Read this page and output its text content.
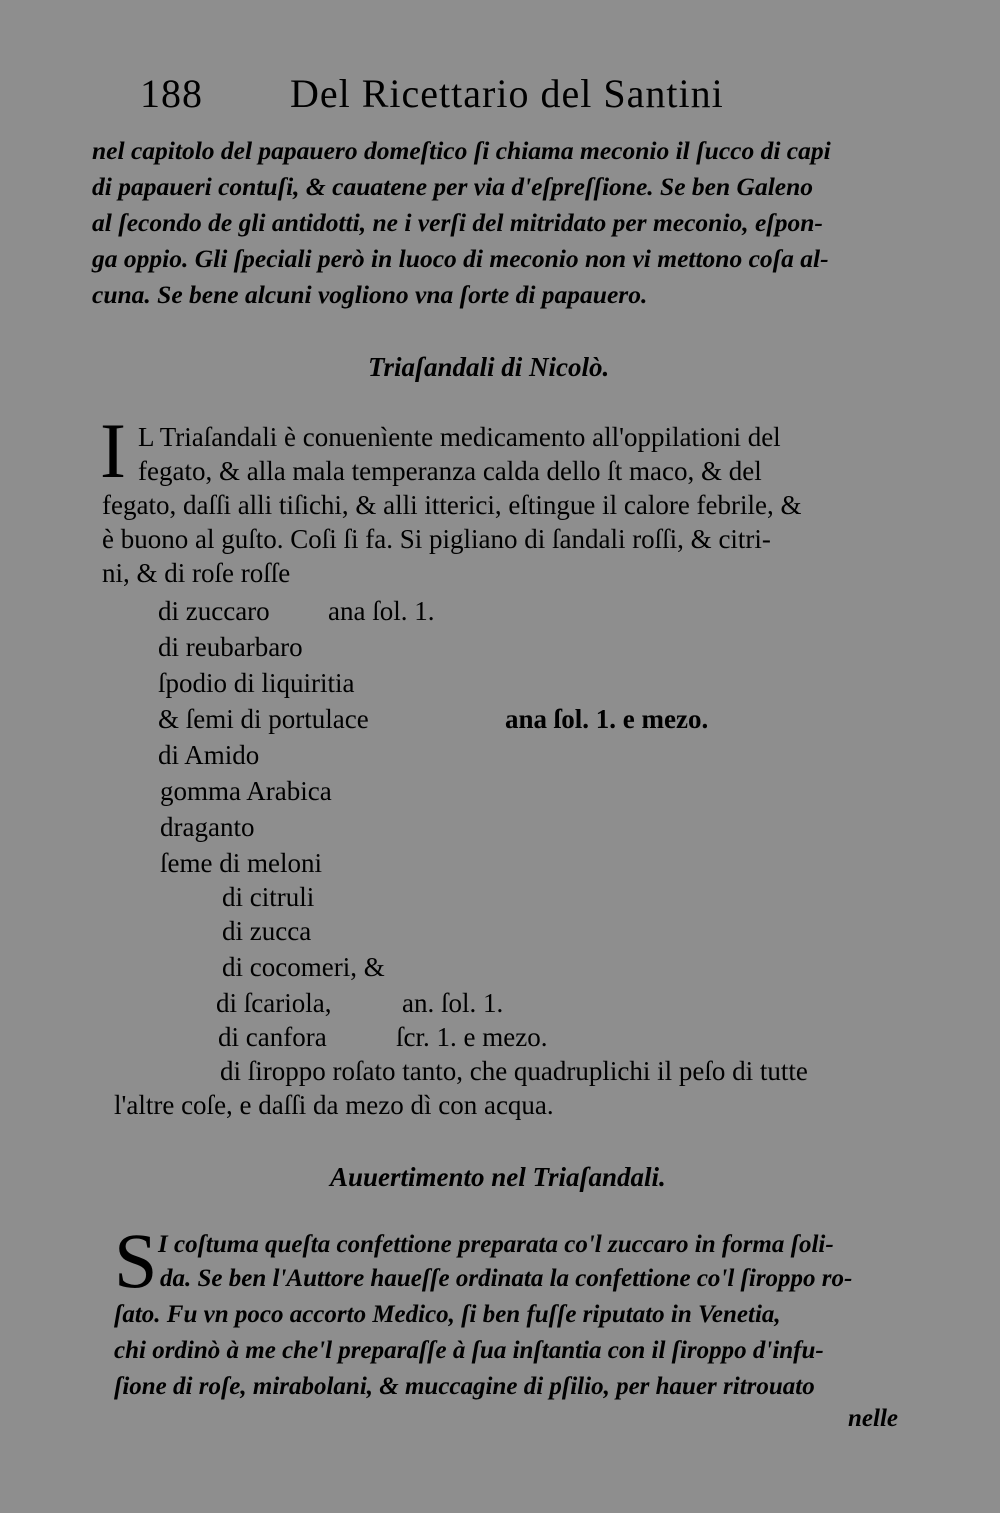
188 Del Ricettario del Santini
nel capitolo del papauero domeſtico ſi chiama meconio il ſucco di capi
di papaueri contuſi, & cauatene per via d'eſpreſſione. Se ben Galeno
al ſecondo de gli antidotti, ne i verſi del mitridato per meconio, eſpon-
ga oppio. Gli ſpeciali però in luoco di meconio non vi mettono coſa al-
cuna. Se bene alcuni vogliono vna ſorte di papauero.
Triaſandali di Nicolò.
I L Triaſandali è conuenìente medicamento all'oppilationi del
fegato, & alla mala temperanza calda dello ſt maco, & del
fegato, daſſi alli tiſichi, & alli itterici, eſtingue il calore febrile, &
è buono al guſto. Coſi ſi fa. Si pigliano di ſandali roſſi, & citri-
ni, & di roſe roſſe
di zuccaro ana ſol. 1.
di reubarbaro
ſpodio di liquiritia
& ſemi di portulace	ana ſol. 1. e mezo.
di Amido
gomma Arabica
draganto
ſeme di meloni
di citruli
di zucca
di cocomeri, &
di ſcariola,	an. ſol. 1.
di canfora	ſcr. 1. e mezo.
di ſiroppo roſato tanto, che quadruplichi il peſo di tutte
l'altre coſe, e daſſi da mezo dì con acqua.
Auuertimento nel Triaſandali.
S I coſtuma queſta confettione preparata co'l zuccaro in forma ſoli-
da. Se ben l'Auttore haueſſe ordinata la confettione co'l ſiroppo ro-
ſato. Fu vn poco accorto Medico, ſi ben fuſſe riputato in Venetia,
chi ordinò à me che'l preparaſſe à ſua inſtantia con il ſiroppo d'infu-
ſione di roſe, mirabolani, & muccagine di pſilio, per hauer ritrouato
nelle
